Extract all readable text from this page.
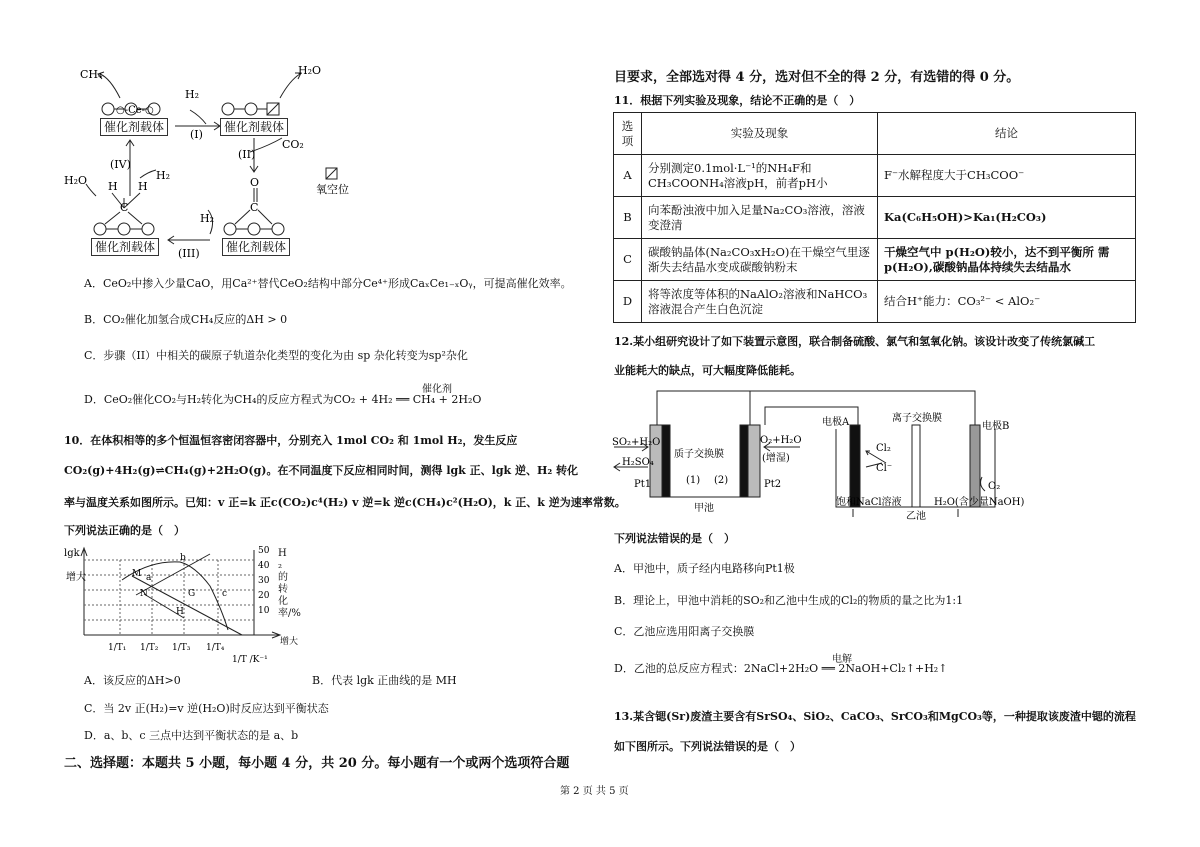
○-Ce-○
CH₄
H₂
(I)
H₂O
(II)
CO₂
氧空位
(IV)
H₂
H₂O H H
C
H₂
(III)
O
C
催化剂载体	催化剂载体
催化剂载体	催化剂载体
A．CeO₂中掺入少量CaO，用Ca²⁺替代CeO₂结构中部分Ce⁴⁺形成CaₓCe₁₋ₓOᵧ，可提高催化效率。
B．CO₂催化加氢合成CH₄反应的ΔH > 0
C．步骤（II）中相关的碳原子轨道杂化类型的变化为由 sp 杂化转变为sp²杂化
催化剂
D．CeO₂催化CO₂与H₂转化为CH₄的反应方程式为CO₂ + 4H₂ ══ CH₄ + 2H₂O
10．在体积相等的多个恒温恒容密闭容器中，分别充入 1mol CO₂ 和 1mol H₂，发生反应
CO₂(g)+4H₂(g)⇌CH₄(g)+2H₂O(g)。在不同温度下反应相同时间，测得 lgk 正、lgk 逆、H₂ 转化
率与温度关系如图所示。已知：v 正=k 正c(CO₂)c⁴(H₂) v 逆=k 逆c(CH₄)c²(H₂O)，k 正、k 逆为速率常数。
下列说法正确的是（　）
lgk
增大	M a
N
b
G
H
c
50
40
30
20
10
1/T₁ 1/T₂ 1/T₃ 1/T₄
1/T /K⁻¹
增大
H₂的转化率/%
A．该反应的ΔH>0	B．代表 lgk 正曲线的是 MH
C．当 2v 正(H₂)=v 逆(H₂O)时反应达到平衡状态
D．a、b、c 三点中达到平衡状态的是 a、b
二、选择题：本题共 5 小题，每小题 4 分，共 20 分。每小题有一个或两个选项符合题
目要求，全部选对得 4 分，选对但不全的得 2 分，有选错的得 0 分。
11．根据下列实验及现象，结论不正确的是（　）
选项	实验及现象	结论
A	分别测定0.1mol·L⁻¹的NH₄F和CH₃COONH₄溶液pH，前者pH小	F⁻水解程度大于CH₃COO⁻
B	向苯酚浊液中加入足量Na₂CO₃溶液，溶液变澄清	Ka(C₆H₅OH)>Ka₁(H₂CO₃)
C	碳酸钠晶体(Na₂CO₃xH₂O)在干燥空气里逐渐失去结晶水变成碳酸钠粉末	干燥空气中 p(H₂O)较小，达不到平衡所 需 p(H₂O),碳酸钠晶体持续失去结晶水
D	将等浓度等体积的NaAlO₂溶液和NaHCO₃溶液混合产生白色沉淀	结合H⁺能力：CO₃²⁻ < AlO₂⁻
12.某小组研究设计了如下装置示意图，联合制备硫酸、氯气和氢氧化钠。该设计改变了传统氯碱工
业能耗大的缺点，可大幅度降低能耗。
SO₂+H₂O
H₂SO₄
Pt1
质子交换膜
(1) (2)	Pt2
O₂+H₂O
(增湿)
甲池
电极A	离子交换膜
电极B
Cl₂
Cl⁻
O₂
饱和NaCl溶液
乙池
H₂O(含少量NaOH)
下列说法错误的是（　）
A．甲池中，质子经内电路移向Pt1极
B．理论上，甲池中消耗的SO₂和乙池中生成的Cl₂的物质的量之比为1:1
C．乙池应选用阳离子交换膜
电解
D．乙池的总反应方程式：2NaCl+2H₂O ══ 2NaOH+Cl₂↑+H₂↑
13.某含锶(Sr)废渣主要含有SrSO₄、SiO₂、CaCO₃、SrCO₃和MgCO₃等，一种提取该废渣中锶的流程
如下图所示。下列说法错误的是（　）
第 2 页 共 5 页
